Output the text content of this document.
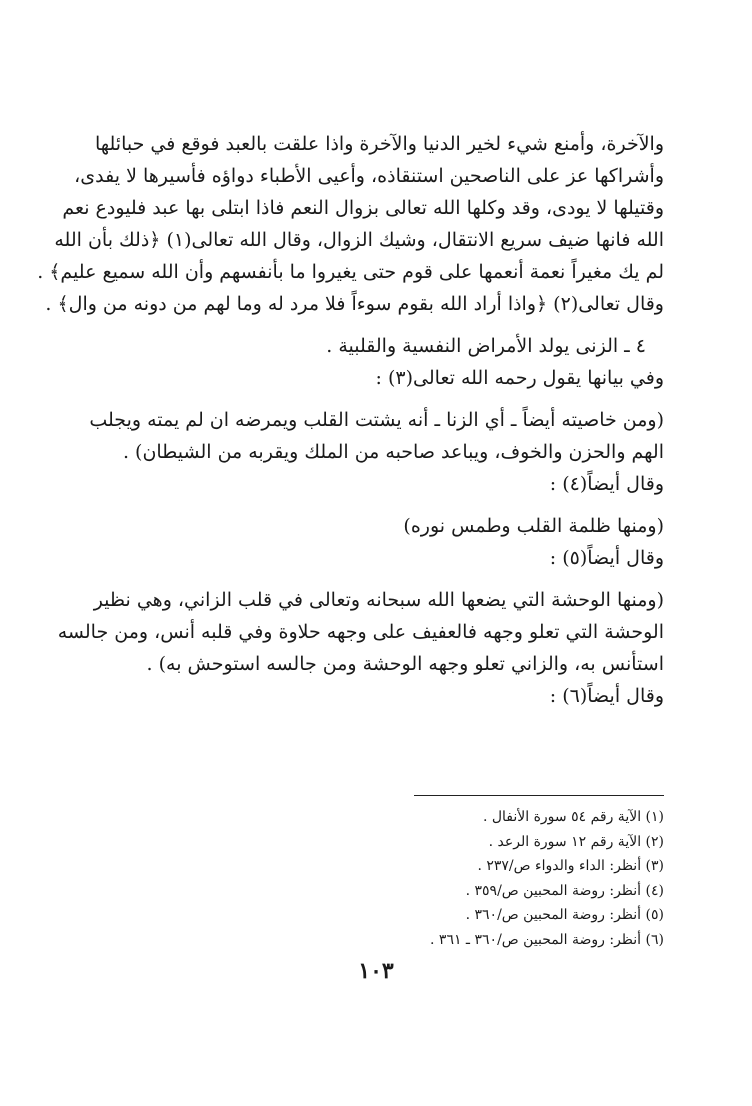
والآخرة، وأمنع شيء لخير الدنيا والآخرة واذا علقت بالعبد فوقع في حبائلها

وأشراكها عز على الناصحين استنقاذه، وأعيى الأطباء دواؤه فأسيرها لا يفدى،

وقتيلها لا يودى، وقد وكلها الله تعالى بزوال النعم فاذا ابتلى بها عبد فليودع نعم

الله فانها ضيف سريع الانتقال، وشيك الزوال، وقال الله تعالى(١) ﴿ذلك بأن الله

لم يك مغيراً نعمة أنعمها على قوم حتى يغيروا ما بأنفسهم وأن الله سميع عليم﴾ .

وقال تعالى(٢) ﴿واذا أراد الله بقوم سوءاً فلا مرد له وما لهم من دونه من وال﴾ .

٤ ـ الزنى يولد الأمراض النفسية والقلبية .

وفي بيانها يقول رحمه الله تعالى(٣) :

(ومن خاصيته أيضاً ـ أي الزنا ـ أنه يشتت القلب ويمرضه ان لم يمته ويجلب

الهم والحزن والخوف، ويباعد صاحبه من الملك ويقربه من الشيطان) .

وقال أيضاً(٤) :

(ومنها ظلمة القلب وطمس نوره)

وقال أيضاً(٥) :

(ومنها الوحشة التي يضعها الله سبحانه وتعالى في قلب الزاني، وهي نظير

الوحشة التي تعلو وجهه فالعفيف على وجهه حلاوة وفي قلبه أنس، ومن جالسه

استأنس به، والزاني تعلو وجهه الوحشة ومن جالسه استوحش به) .

وقال أيضاً(٦) :

(١) الآية رقم ٥٤ سورة الأنفال .

(٢) الآية رقم ١٢ سورة الرعد .

(٣) أنظر: الداء والدواء ص/٢٣٧ .

(٤) أنظر: روضة المحبين ص/٣٥٩ .

(٥) أنظر: روضة المحبين ص/٣٦٠ .

(٦) أنظر: روضة المحبين ص/٣٦٠ ـ ٣٦١ .

١٠٣
